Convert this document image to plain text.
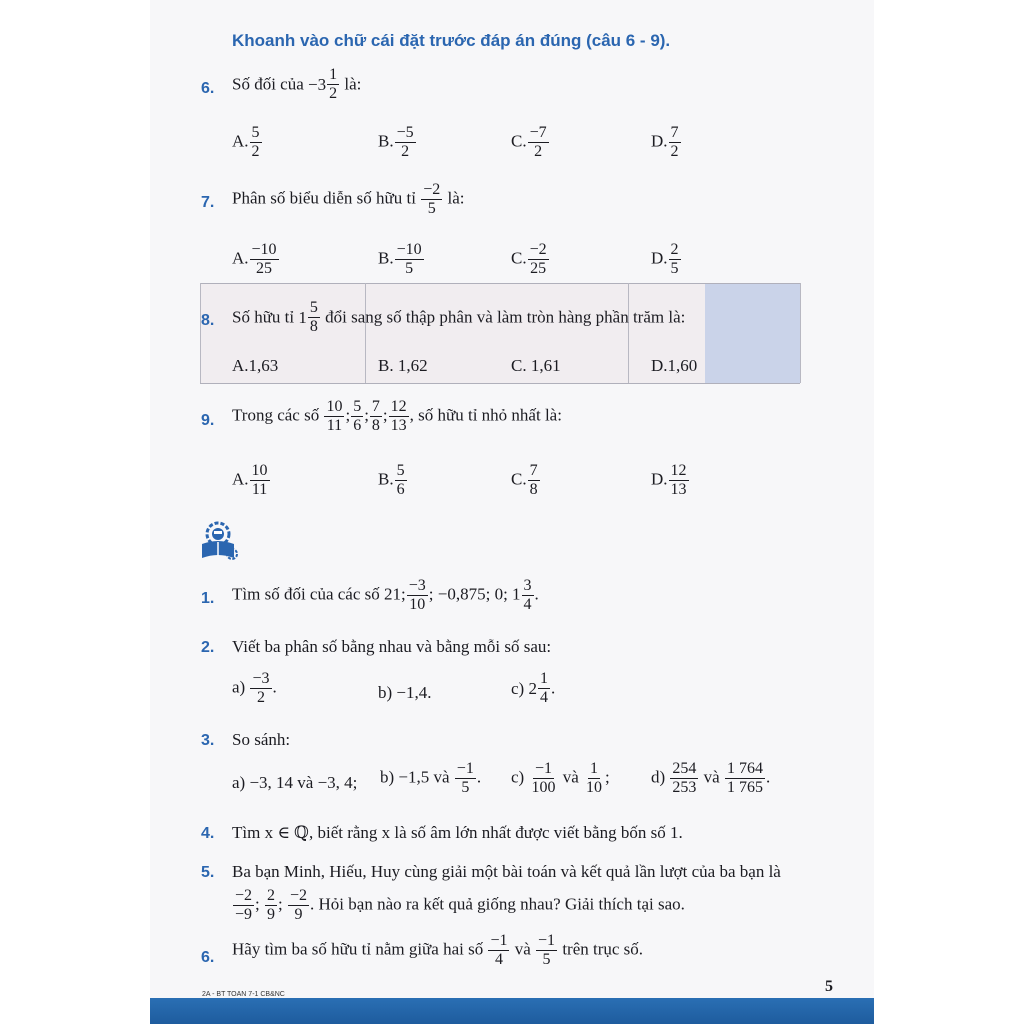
Khoanh vào chữ cái đặt trước đáp án đúng (câu 6 - 9).
6. Số đối của $-3 \frac{1}{2}$ là:
A. $\frac{5}{2}$	B. $\frac{-5}{2}$	C. $\frac{-7}{2}$	D. $\frac{7}{2}$
7. Phân số biểu diễn số hữu tỉ $\frac{-2}{5}$ là:
A. $\frac{-10}{25}$	B. $\frac{-10}{5}$	C. $\frac{-2}{25}$	D. $\frac{2}{5}$
8. Số hữu tỉ $1 \frac{5}{8}$ đổi sang số thập phân và làm tròn hàng phần trăm là:
A.1,63	B. 1,62	C. 1,61	D.1,60
9. Trong các số $\frac{10}{11}$ ; $\frac{5}{6}$ ; $\frac{7}{8}$ ; $\frac{12}{13}$ , số hữu tỉ nhỏ nhất là:
A. $\frac{10}{11}$	B. $\frac{5}{6}$	C. $\frac{7}{8}$	D. $\frac{12}{13}$
1. Tìm số đối của các số 21; $\frac{-3}{10}$ ; −0,875; 0; $1 \frac{3}{4}$ .
2. Viết ba phân số bằng nhau và bằng mỗi số sau:
$a) \frac{-3}{2}$ .	b) −1,4.	c) $2 \frac{1}{4}$ .
3. So sánh:
a) −3, 14 và −3, 4; b) −1,5 và $\frac{-1}{5}$ . $c) \frac{-1}{100}$ và $\frac{1}{10}$ ; $d) \frac{254}{253}$ và $\frac{1 764}{1 765}$ .
4. Tìm x ∈ ℚ, biết rằng x là số âm lớn nhất được viết bằng bốn số 1.
5. Ba bạn Minh, Hiếu, Huy cùng giải một bài toán và kết quả lần lượt của ba bạn là
$\frac{-2}{-9}$ ; $\frac{2}{9}$ ; $\frac{-2}{9}$ . Hỏi bạn nào ra kết quả giống nhau? Giải thích tại sao.
6. Hãy tìm ba số hữu tỉ nằm giữa hai số $\frac{-1}{4}$ và $\frac{-1}{5}$ trên trục số.
2A - BT TOAN 7-1 CB&NC	5
